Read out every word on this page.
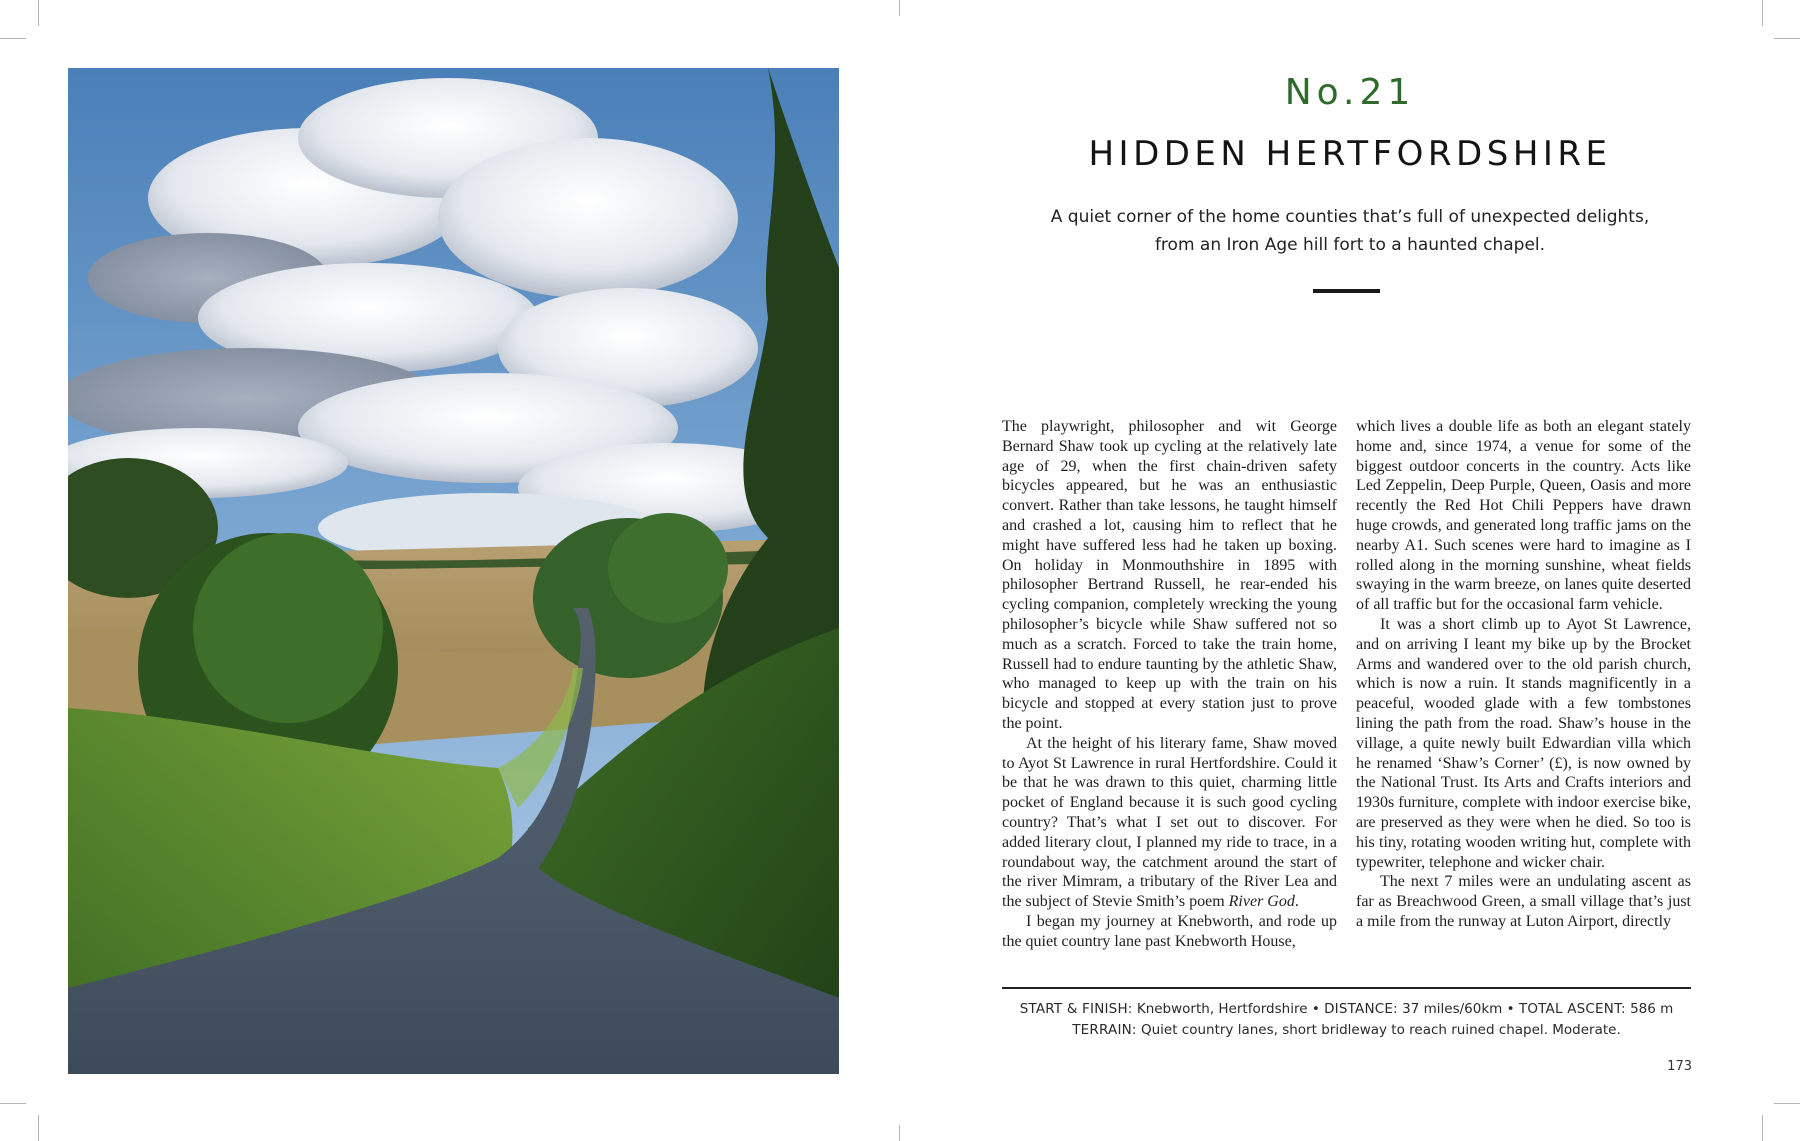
No.21
HIDDEN HERTFORDSHIRE
A quiet corner of the home counties that’s full of unexpected delights,
from an Iron Age hill fort to a haunted chapel.

The playwright, philosopher and wit George Bernard Shaw took up cycling at the relatively late age of 29, when the first chain-driven safety bicycles appeared, but he was an enthusiastic convert. Rather than take lessons, he taught himself and crashed a lot, causing him to reflect that he might have suffered less had he taken up boxing. On holiday in Monmouthshire in 1895 with philosopher Bertrand Russell, he rear-ended his cycling companion, completely wrecking the young philosopher’s bicycle while Shaw suffered not so much as a scratch. Forced to take the train home, Russell had to endure taunting by the athletic Shaw, who managed to keep up with the train on his bicycle and stopped at every station just to prove the point.

At the height of his literary fame, Shaw moved to Ayot St Lawrence in rural Hertfordshire. Could it be that he was drawn to this quiet, charming little pocket of England because it is such good cycling country? That’s what I set out to discover. For added literary clout, I planned my ride to trace, in a roundabout way, the catchment around the start of the river Mimram, a tributary of the River Lea and the subject of Stevie Smith’s poem River God.

I began my journey at Knebworth, and rode up the quiet country lane past Knebworth House,

which lives a double life as both an elegant stately home and, since 1974, a venue for some of the biggest outdoor concerts in the country. Acts like Led Zeppelin, Deep Purple, Queen, Oasis and more recently the Red Hot Chili Peppers have drawn huge crowds, and generated long traffic jams on the nearby A1. Such scenes were hard to imagine as I rolled along in the morning sunshine, wheat fields swaying in the warm breeze, on lanes quite deserted of all traffic but for the occasional farm vehicle.

It was a short climb up to Ayot St Lawrence, and on arriving I leant my bike up by the Brocket Arms and wandered over to the old parish church, which is now a ruin. It stands magnificently in a peaceful, wooded glade with a few tombstones lining the path from the road. Shaw’s house in the village, a quite newly built Edwardian villa which he renamed ‘Shaw’s Corner’ (£), is now owned by the National Trust. Its Arts and Crafts interiors and 1930s furniture, complete with indoor exercise bike, are preserved as they were when he died. So too is his tiny, rotating wooden writing hut, complete with typewriter, telephone and wicker chair.

The next 7 miles were an undulating ascent as far as Breachwood Green, a small village that’s just a mile from the runway at Luton Airport, directly

START & FINISH: Knebworth, Hertfordshire • DISTANCE: 37 miles/60km • TOTAL ASCENT: 586 m
TERRAIN: Quiet country lanes, short bridleway to reach ruined chapel. Moderate.
173
